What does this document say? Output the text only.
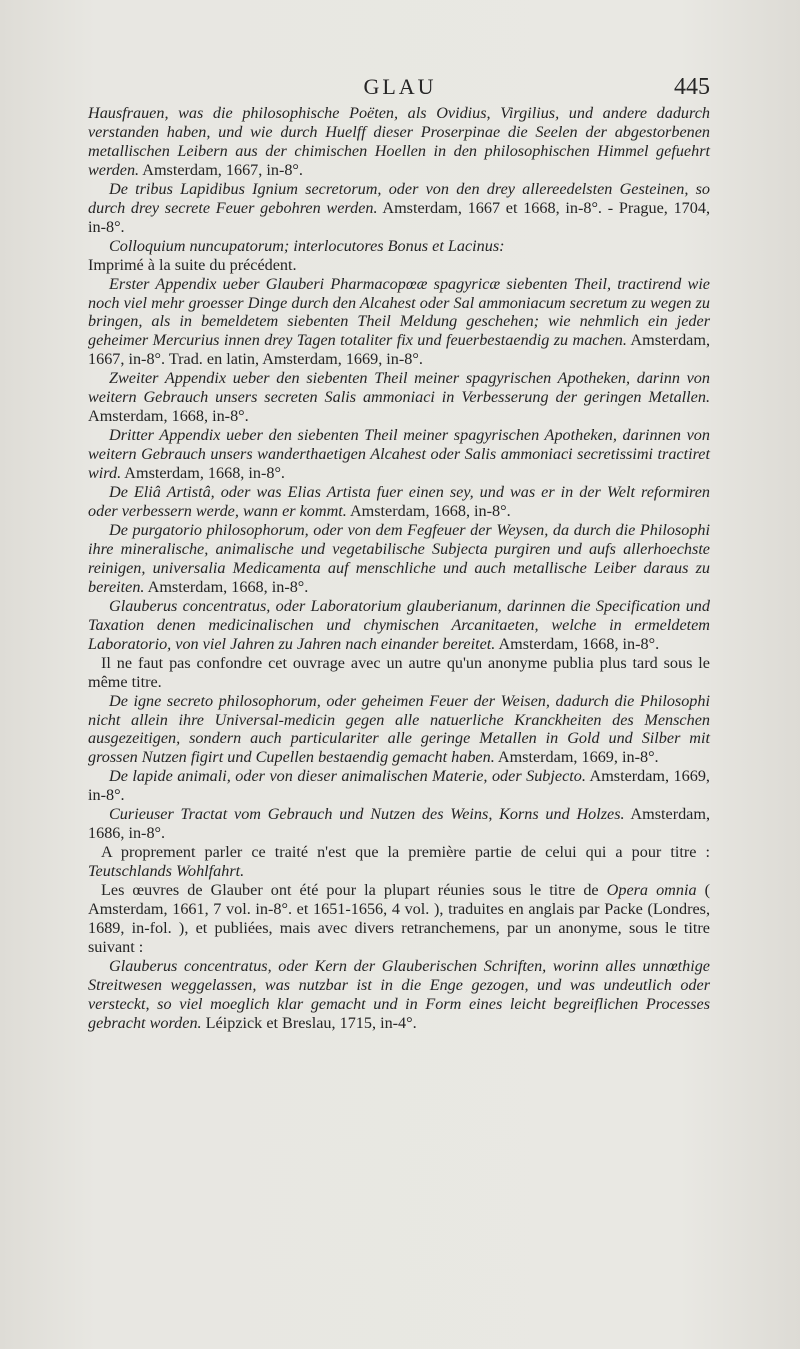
GLAU	445

Hausfrauen, was die philosophische Poëten, als Ovidius, Virgilius, und andere dadurch verstanden haben, und wie durch Huelff dieser Proserpinae die Seelen der abgestorbenen metallischen Leibern aus der chimischen Hoellen in den philosophischen Himmel gefuehrt werden. Amsterdam, 1667, in-8°.

De tribus Lapidibus Ignium secretorum, oder von den drey allereedelsten Gesteinen, so durch drey secrete Feuer gebohren werden. Amsterdam, 1667 et 1668, in-8°. - Prague, 1704, in-8°.

Colloquium nuncupatorum; interlocutores Bonus et Lacinus:

Imprimé à la suite du précédent.

Erster Appendix ueber Glauberi Pharmacopœæ spagyricæ siebenten Theil, tractirend wie noch viel mehr groesser Dinge durch den Alcahest oder Sal ammoniacum secretum zu wegen zu bringen, als in bemeldetem siebenten Theil Meldung geschehen; wie nehmlich ein jeder geheimer Mercurius innen drey Tagen totaliter fix und feuerbestaendig zu machen. Amsterdam, 1667, in-8°. Trad. en latin, Amsterdam, 1669, in-8°.

Zweiter Appendix ueber den siebenten Theil meiner spagyrischen Apotheken, darinn von weitern Gebrauch unsers secreten Salis ammoniaci in Verbesserung der geringen Metallen. Amsterdam, 1668, in-8°.

Dritter Appendix ueber den siebenten Theil meiner spagyrischen Apotheken, darinnen von weitern Gebrauch unsers wanderthaetigen Alcahest oder Salis ammoniaci secretissimi tractiret wird. Amsterdam, 1668, in-8°.

De Eliâ Artistâ, oder was Elias Artista fuer einen sey, und was er in der Welt reformiren oder verbessern werde, wann er kommt. Amsterdam, 1668, in-8°.

De purgatorio philosophorum, oder von dem Fegfeuer der Weysen, da durch die Philosophi ihre mineralische, animalische und vegetabilische Subjecta purgiren und aufs allerhoechste reinigen, universalia Medicamenta auf menschliche und auch metallische Leiber daraus zu bereiten. Amsterdam, 1668, in-8°.

Glauberus concentratus, oder Laboratorium glauberianum, darinnen die Specification und Taxation denen medicinalischen und chymischen Arcanitaeten, welche in ermeldetem Laboratorio, von viel Jahren zu Jahren nach einander bereitet. Amsterdam, 1668, in-8°.

Il ne faut pas confondre cet ouvrage avec un autre qu'un anonyme publia plus tard sous le même titre.

De igne secreto philosophorum, oder geheimen Feuer der Weisen, dadurch die Philosophi nicht allein ihre Universal-medicin gegen alle natuerliche Kranckheiten des Menschen ausgezeitigen, sondern auch particulariter alle geringe Metallen in Gold und Silber mit grossen Nutzen figirt und Cupellen bestaendig gemacht haben. Amsterdam, 1669, in-8°.

De lapide animali, oder von dieser animalischen Materie, oder Subjecto. Amsterdam, 1669, in-8°.

Curieuser Tractat vom Gebrauch und Nutzen des Weins, Korns und Holzes. Amsterdam, 1686, in-8°.

A proprement parler ce traité n'est que la première partie de celui qui a pour titre : Teutschlands Wohlfahrt.

Les œuvres de Glauber ont été pour la plupart réunies sous le titre de Opera omnia ( Amsterdam, 1661, 7 vol. in-8°. et 1651-1656, 4 vol. ), traduites en anglais par Packe (Londres, 1689, in-fol. ), et publiées, mais avec divers retranchemens, par un anonyme, sous le titre suivant :

Glauberus concentratus, oder Kern der Glauberischen Schriften, worinn alles unnœthige Streitwesen weggelassen, was nutzbar ist in die Enge gezogen, und was undeutlich oder versteckt, so viel moeglich klar gemacht und in Form eines leicht begreiflichen Processes gebracht worden. Léipzick et Breslau, 1715, in-4°.
